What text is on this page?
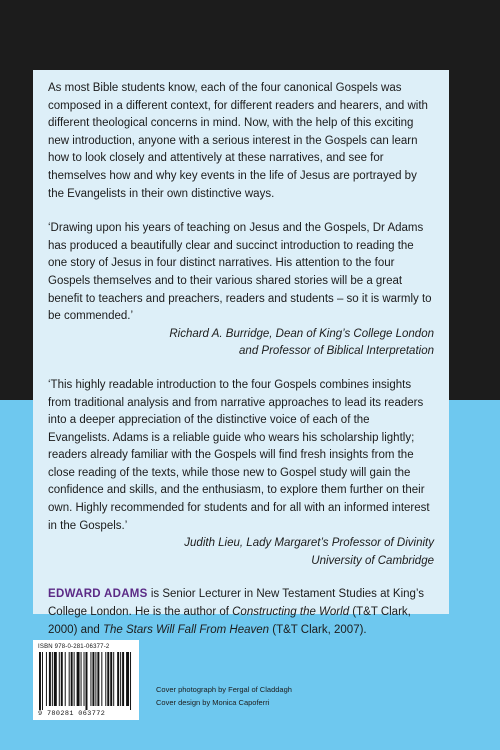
As most Bible students know, each of the four canonical Gospels was composed in a different context, for different readers and hearers, and with different theological concerns in mind. Now, with the help of this exciting new introduction, anyone with a serious interest in the Gospels can learn how to look closely and attentively at these narratives, and see for themselves how and why key events in the life of Jesus are portrayed by the Evangelists in their own distinctive ways.

‘Drawing upon his years of teaching on Jesus and the Gospels, Dr Adams has produced a beautifully clear and succinct introduction to reading the one story of Jesus in four distinct narratives. His attention to the four Gospels themselves and to their various shared stories will be a great benefit to teachers and preachers, readers and students – so it is warmly to be commended.’

Richard A. Burridge, Dean of King’s College London
and Professor of Biblical Interpretation

‘This highly readable introduction to the four Gospels combines insights from traditional analysis and from narrative approaches to lead its readers into a deeper appreciation of the distinctive voice of each of the Evangelists. Adams is a reliable guide who wears his scholarship lightly; readers already familiar with the Gospels will find fresh insights from the close reading of the texts, while those new to Gospel study will gain the confidence and skills, and the enthusiasm, to explore them further on their own. Highly recommended for students and for all with an informed interest in the Gospels.’

Judith Lieu, Lady Margaret’s Professor of Divinity
University of Cambridge

EDWARD ADAMS is Senior Lecturer in New Testament Studies at King’s College London. He is the author of Constructing the World (T&T Clark, 2000) and The Stars Will Fall From Heaven (T&T Clark, 2007).

ISBN 978-0-281-06377-2
9 780281 063772
Cover photograph by Fergal of Claddagh
Cover design by Monica Capoferri
